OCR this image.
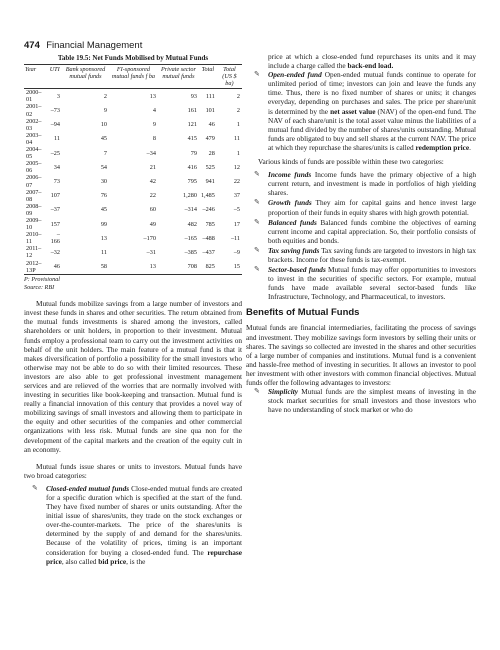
474 Financial Management
Table 19.5: Net Funds Mobilised by Mutual Funds
Year	UTI	Bank sponsored mutual funds	FI-sponsored mutual funds f ba	Private sector mutual funds	Total	Total (US $ ba)
2000–01	3	2	13	93	111	2
2001–02	–73	9	4	161	101	2
2002–03	–94	10	9	121	46	1
2003–04	11	45	8	415	479	11
2004–05	–25	7	–34	79	28	1
2005–06	34	54	21	416	525	12
2006–07	73	30	42	795	941	22
2007–08	107	76	22	1,280	1,485	37
2008–09	–37	45	60	–314	–246	–5
2009–10	157	99	49	482	785	17
2010–11	–166	13	–170	–165	–488	–11
2011–12	–32	11	–31	–385	–437	–9
2012–13P	46	58	13	708	825	15
P: Provisional
Source: RBI

Mutual funds mobilize savings from a large number of investors and invest these funds in shares and other securities. The return obtained from the mutual funds investments is shared among the investors, called shareholders or unit holders, in proportion to their investment. Mutual funds employ a professional team to carry out the investment activities on behalf of the unit holders. The main feature of a mutual fund is that it makes diversification of portfolio a possibility for the small investors who otherwise may not be able to do so with their limited resources. These investors are also able to get professional investment management services and are relieved of the worries that are normally involved with investing in securities like book-keeping and transaction. Mutual fund is really a financial innovation of this century that provides a novel way of mobilizing savings of small investors and allowing them to participate in the equity and other securities of the companies and other commercial organizations with less risk. Mutual funds are sine qua non for the development of the capital markets and the creation of the equity cult in an economy.

Mutual funds issue shares or units to investors. Mutual funds have two broad categories:

✎ Closed-ended mutual funds Close-ended mutual funds are created for a specific duration which is specified at the start of the fund. They have fixed number of shares or units outstanding. After the initial issue of shares/units, they trade on the stock exchanges or over-the-counter-markets. The price of the shares/units is determined by the supply of and demand for the shares/units. Because of the volatility of prices, timing is an important consideration for buying a closed-ended fund. The repurchase price, also called bid price, is the
price at which a close-ended fund repurchases its units and it may include a charge called the back-end load.
✎ Open-ended fund Open-ended mutual funds continue to operate for unlimited period of time; investors can join and leave the funds any time. Thus, there is no fixed number of shares or units; it changes everyday, depending on purchases and sales. The price per share/unit is determined by the net asset value (NAV) of the open-end fund. The NAV of each share/unit is the total asset value minus the liabilities of a mutual fund divided by the number of shares/units outstanding. Mutual funds are obligated to buy and sell shares at the current NAV. The price at which they repurchase the shares/units is called redemption price.

Various kinds of funds are possible within these two categories:

✎ Income funds Income funds have the primary objective of a high current return, and investment is made in portfolios of high yielding shares.
✎ Growth funds They aim for capital gains and hence invest large proportion of their funds in equity shares with high growth potential.
✎ Balanced funds Balanced funds combine the objectives of earning current income and capital appreciation. So, their portfolio consists of both equities and bonds.
✎ Tax saving funds Tax saving funds are targeted to investors in high tax brackets. Income for these funds is tax-exempt.
✎ Sector-based funds Mutual funds may offer opportunities to investors to invest in the securities of specific sectors. For example, mutual funds have made available several sector-based funds like Infrastructure, Technology, and Pharmaceutical, to investors.
Benefits of Mutual Funds

Mutual funds are financial intermediaries, facilitating the process of savings and investment. They mobilize savings form investors by selling their units or shares. The savings so collected are invested in the shares and other securities of a large number of companies and institutions. Mutual fund is a convenient and hassle-free method of investing in securities. It allows an investor to pool her investment with other investors with common financial objectives. Mutual funds offer the following advantages to investors:

✎ Simplicity Mutual funds are the simplest means of investing in the stock market securities for small investors and those investors who have no understanding of stock market or who do
